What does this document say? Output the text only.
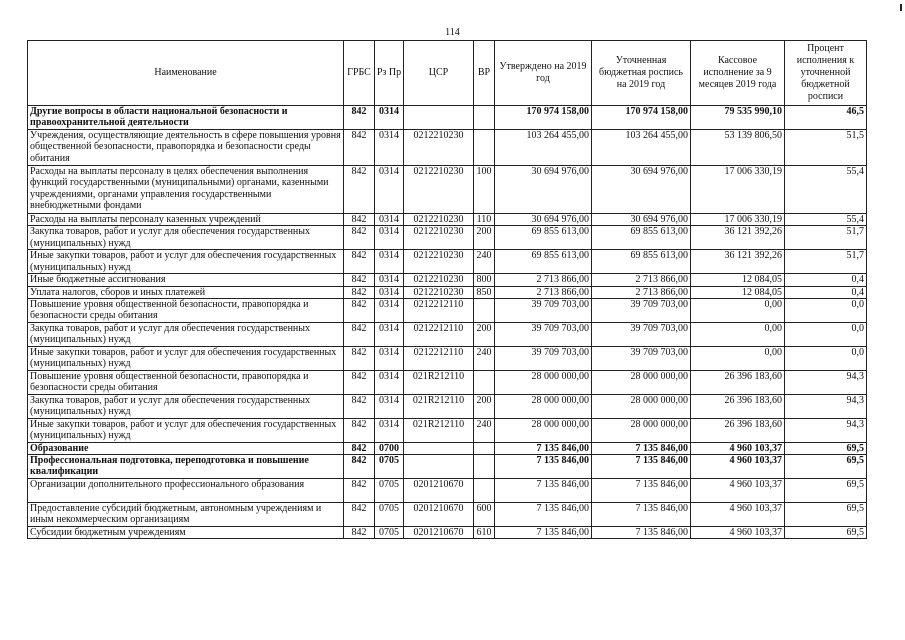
114
Наименование	ГРБС	Рз Пр	ЦСР	ВР	Утверждено на 2019 год	Уточненная бюджетная роспись на 2019 год	Кассовое исполнение за 9 месяцев 2019 года	Процент исполнения к уточненной бюджетной росписи
Другие вопросы в области национальной безопасности и правоохранительной деятельности	842	0314			170 974 158,00	170 974 158,00	79 535 990,10	46,5
Учреждения, осуществляющие деятельность в сфере повышения уровня общественной безопасности, правопорядка и безопасности среды обитания	842	0314	0212210230		103 264 455,00	103 264 455,00	53 139 806,50	51,5
Расходы на выплаты персоналу в целях обеспечения выполнения функций государственными (муниципальными) органами, казенными учреждениями, органами управления государственными внебюджетными фондами	842	0314	0212210230	100	30 694 976,00	30 694 976,00	17 006 330,19	55,4
Расходы на выплаты персоналу казенных учреждений	842	0314	0212210230	110	30 694 976,00	30 694 976,00	17 006 330,19	55,4
Закупка товаров, работ и услуг для обеспечения государственных (муниципальных) нужд	842	0314	0212210230	200	69 855 613,00	69 855 613,00	36 121 392,26	51,7
Иные закупки товаров, работ и услуг для обеспечения государственных (муниципальных) нужд	842	0314	0212210230	240	69 855 613,00	69 855 613,00	36 121 392,26	51,7
Иные бюджетные ассигнования	842	0314	0212210230	800	2 713 866,00	2 713 866,00	12 084,05	0,4
Уплата налогов, сборов и иных платежей	842	0314	0212210230	850	2 713 866,00	2 713 866,00	12 084,05	0,4
Повышение уровня общественной безопасности, правопорядка и безопасности среды обитания	842	0314	0212212110		39 709 703,00	39 709 703,00	0,00	0,0
Закупка товаров, работ и услуг для обеспечения государственных (муниципальных) нужд	842	0314	0212212110	200	39 709 703,00	39 709 703,00	0,00	0,0
Иные закупки товаров, работ и услуг для обеспечения государственных (муниципальных) нужд	842	0314	0212212110	240	39 709 703,00	39 709 703,00	0,00	0,0
Повышение уровня общественной безопасности, правопорядка и безопасности среды обитания	842	0314	021R212110		28 000 000,00	28 000 000,00	26 396 183,60	94,3
Закупка товаров, работ и услуг для обеспечения государственных (муниципальных) нужд	842	0314	021R212110	200	28 000 000,00	28 000 000,00	26 396 183,60	94,3
Иные закупки товаров, работ и услуг для обеспечения государственных (муниципальных) нужд	842	0314	021R212110	240	28 000 000,00	28 000 000,00	26 396 183,60	94,3
Образование	842	0700			7 135 846,00	7 135 846,00	4 960 103,37	69,5
Профессиональная подготовка, переподготовка и повышение квалификации	842	0705			7 135 846,00	7 135 846,00	4 960 103,37	69,5
Организации дополнительного профессионального образования	842	0705	0201210670		7 135 846,00	7 135 846,00	4 960 103,37	69,5
Предоставление субсидий бюджетным, автономным учреждениям и иным некоммерческим организациям	842	0705	0201210670	600	7 135 846,00	7 135 846,00	4 960 103,37	69,5
Субсидии бюджетным учреждениям	842	0705	0201210670	610	7 135 846,00	7 135 846,00	4 960 103,37	69,5
